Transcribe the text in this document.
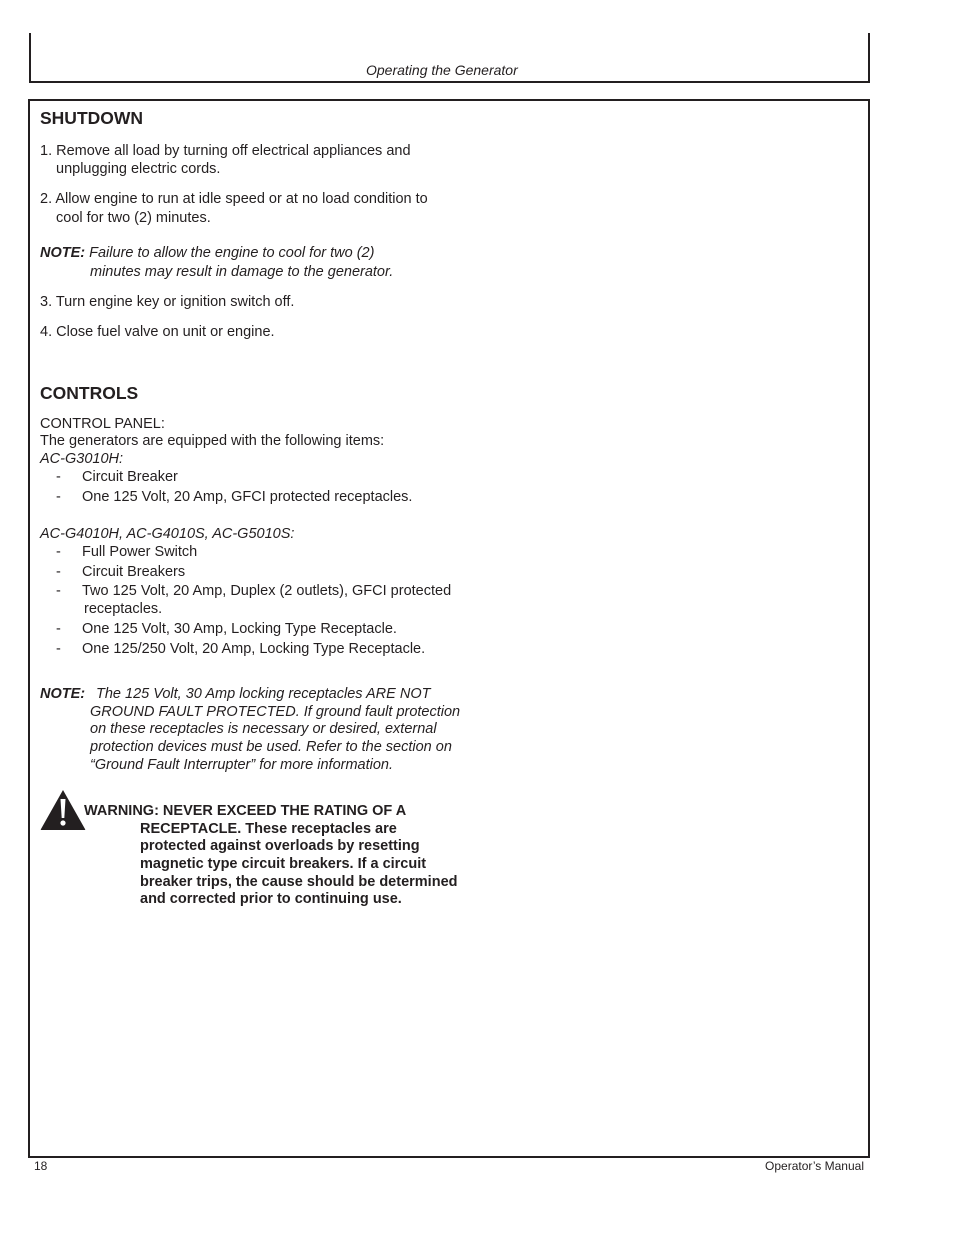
Operating the Generator
SHUTDOWN
1. Remove all load by turning off electrical appliances and
unplugging electric cords.
2. Allow engine to run at idle speed or at no load condition to
cool for two (2) minutes.
NOTE: Failure to allow the engine to cool for two (2)
minutes may result in damage to the generator.
3. Turn engine key or ignition switch off.
4. Close fuel valve on unit or engine.
CONTROLS
CONTROL PANEL:
The generators are equipped with the following items:
AC-G3010H:
- Circuit Breaker
- One 125 Volt, 20 Amp, GFCI protected receptacles.
AC-G4010H, AC-G4010S, AC-G5010S:
- Full Power Switch
- Circuit Breakers
- Two 125 Volt, 20 Amp, Duplex (2 outlets), GFCI protected
receptacles.
- One 125 Volt, 30 Amp, Locking Type Receptacle.
- One 125/250 Volt, 20 Amp, Locking Type Receptacle.
NOTE: The 125 Volt, 30 Amp locking receptacles ARE NOT
GROUND FAULT PROTECTED. If ground fault protection
on these receptacles is necessary or desired, external
protection devices must be used. Refer to the section on
“Ground Fault Interrupter” for more information.
WARNING: NEVER EXCEED THE RATING OF A
RECEPTACLE. These receptacles are
protected against overloads by resetting
magnetic type circuit breakers. If a circuit
breaker trips, the cause should be determined
and corrected prior to continuing use.
18	Operator’s Manual
